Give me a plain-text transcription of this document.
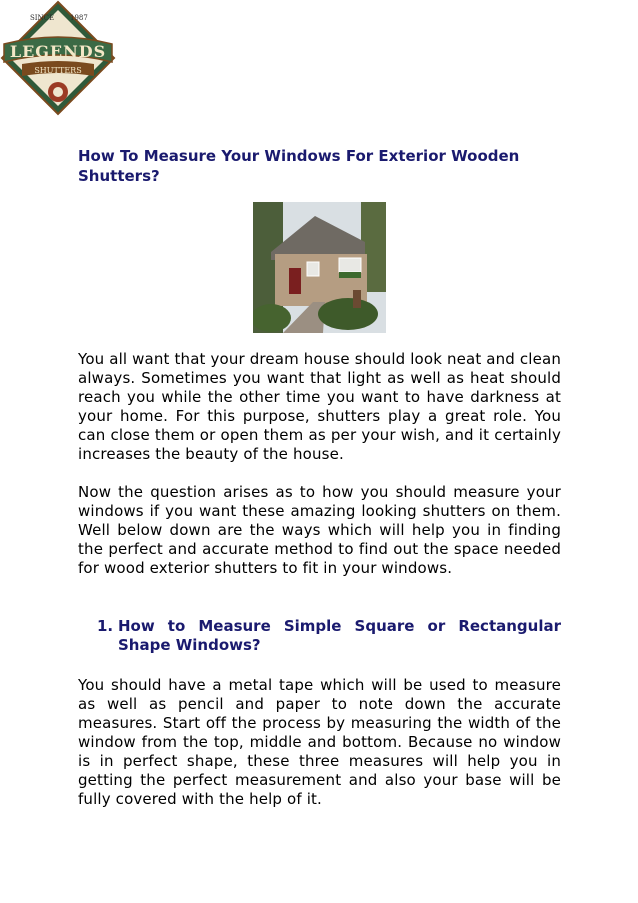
SINCE 1987
LEGENDS
SHUTTERS
How To Measure Your Windows For Exterior Wooden Shutters?

You all want that your dream house should look neat and clean always. Sometimes you want that light as well as heat should reach you while the other time you want to have darkness at your home. For this purpose, shutters play a great role. You can close them or open them as per your wish, and it certainly increases the beauty of the house.

Now the question arises as to how you should measure your windows if you want these amazing looking shutters on them. Well below down are the ways which will help you in finding the perfect and accurate method to find out the space needed for wood exterior shutters to fit in your windows.

1. How to Measure Simple Square or Rectangular Shape Windows?

You should have a metal tape which will be used to measure as well as pencil and paper to note down the accurate measures. Start off the process by measuring the width of the window from the top, middle and bottom. Because no window is in perfect shape, these three measures will help you in getting the perfect measurement and also your base will be fully covered with the help of it.
